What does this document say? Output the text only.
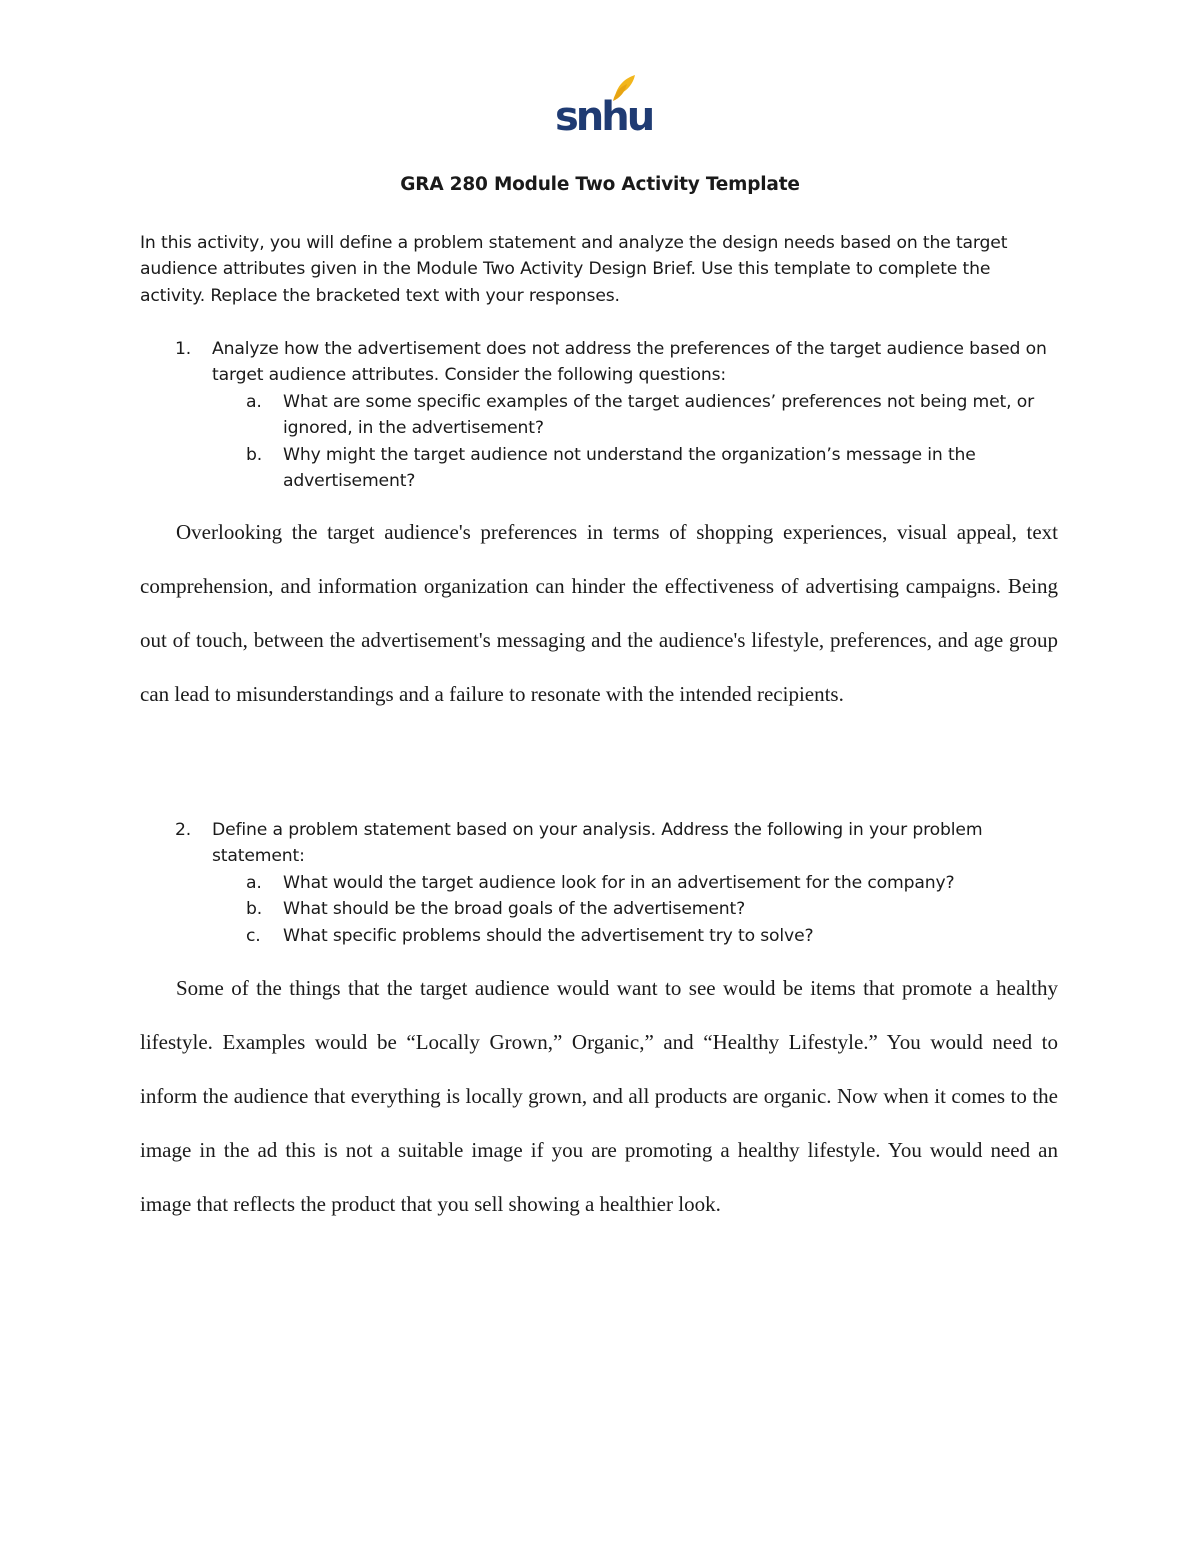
snhu
GRA 280 Module Two Activity Template

In this activity, you will define a problem statement and analyze the design needs based on the target audience attributes given in the Module Two Activity Design Brief. Use this template to complete the activity. Replace the bracketed text with your responses.

1. Analyze how the advertisement does not address the preferences of the target audience based on target audience attributes. Consider the following questions:
a. What are some specific examples of the target audiences’ preferences not being met, or ignored, in the advertisement?
b. Why might the target audience not understand the organization’s message in the advertisement?

Overlooking the target audience's preferences in terms of shopping experiences, visual appeal, text comprehension, and information organization can hinder the effectiveness of advertising campaigns. Being out of touch, between the advertisement's messaging and the audience's lifestyle, preferences, and age group can lead to misunderstandings and a failure to resonate with the intended recipients.

2. Define a problem statement based on your analysis. Address the following in your problem statement:
a. What would the target audience look for in an advertisement for the company?
b. What should be the broad goals of the advertisement?
c. What specific problems should the advertisement try to solve?

Some of the things that the target audience would want to see would be items that promote a healthy lifestyle. Examples would be “Locally Grown,” Organic,” and “Healthy Lifestyle.” You would need to inform the audience that everything is locally grown, and all products are organic. Now when it comes to the image in the ad this is not a suitable image if you are promoting a healthy lifestyle. You would need an image that reflects the product that you sell showing a healthier look.
